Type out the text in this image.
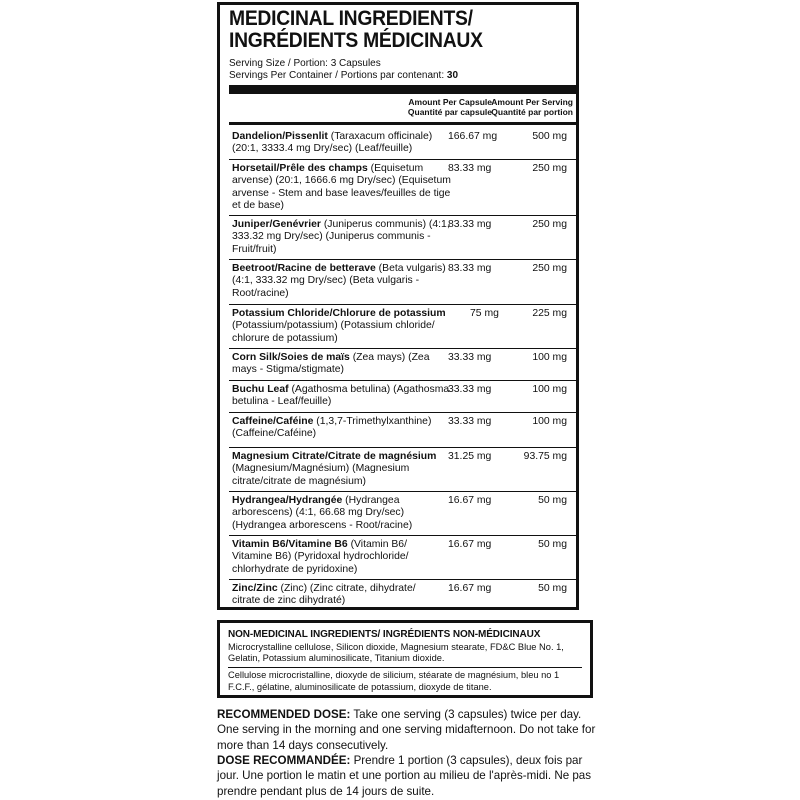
MEDICINAL INGREDIENTS/
INGRÉDIENTS MÉDICINAUX
Serving Size / Portion: 3 Capsules
Servings Per Container / Portions par contenant: 30
Amount Per Capsule
Quantité par capsule
Amount Per Serving
Quantité par portion
Dandelion/Pissenlit (Taraxacum officinale) (20:1, 3333.4 mg Dry/sec) (Leaf/feuille)
166.67 mg	500 mg
Horsetail/Prêle des champs (Equisetum arvense) (20:1, 1666.6 mg Dry/sec) (Equisetum arvense - Stem and base leaves/feuilles de tige et de base)
83.33 mg	250 mg
Juniper/Genévrier (Juniperus communis) (4:1, 333.32 mg Dry/sec) (Juniperus communis - Fruit/fruit)
83.33 mg	250 mg
Beetroot/Racine de betterave (Beta vulgaris) (4:1, 333.32 mg Dry/sec) (Beta vulgaris - Root/racine)
83.33 mg	250 mg
Potassium Chloride/Chlorure de potassium (Potassium/potassium) (Potassium chloride/ chlorure de potassium)
75 mg	225 mg
Corn Silk/Soies de maïs (Zea mays) (Zea mays - Stigma/stigmate)
33.33 mg	100 mg
Buchu Leaf (Agathosma betulina) (Agathosma betulina - Leaf/feuille)
33.33 mg	100 mg
Caffeine/Caféine (1,3,7-Trimethylxanthine) (Caffeine/Caféine)
33.33 mg	100 mg
Magnesium Citrate/Citrate de magnésium (Magnesium/Magnésium) (Magnesium citrate/citrate de magnésium)
31.25 mg	93.75 mg
Hydrangea/Hydrangée (Hydrangea arborescens) (4:1, 66.68 mg Dry/sec) (Hydrangea arborescens - Root/racine)
16.67 mg	50 mg
Vitamin B6/Vitamine B6 (Vitamin B6/ Vitamine B6) (Pyridoxal hydrochloride/ chlorhydrate de pyridoxine)
16.67 mg	50 mg
Zinc/Zinc (Zinc) (Zinc citrate, dihydrate/ citrate de zinc dihydraté)
16.67 mg	50 mg
NON-MEDICINAL INGREDIENTS/ INGRÉDIENTS NON-MÉDICINAUX
Microcrystalline cellulose, Silicon dioxide, Magnesium stearate, FD&C Blue No. 1, Gelatin, Potassium aluminosilicate, Titanium dioxide.
Cellulose microcristalline, dioxyde de silicium, stéarate de magnésium, bleu no 1 F.C.F., gélatine, aluminosilicate de potassium, dioxyde de titane.
RECOMMENDED DOSE: Take one serving (3 capsules) twice per day. One serving in the morning and one serving midafternoon. Do not take for more than 14 days consecutively.
DOSE RECOMMANDÉE: Prendre 1 portion (3 capsules), deux fois par jour. Une portion le matin et une portion au milieu de l'après-midi. Ne pas prendre pendant plus de 14 jours de suite.
